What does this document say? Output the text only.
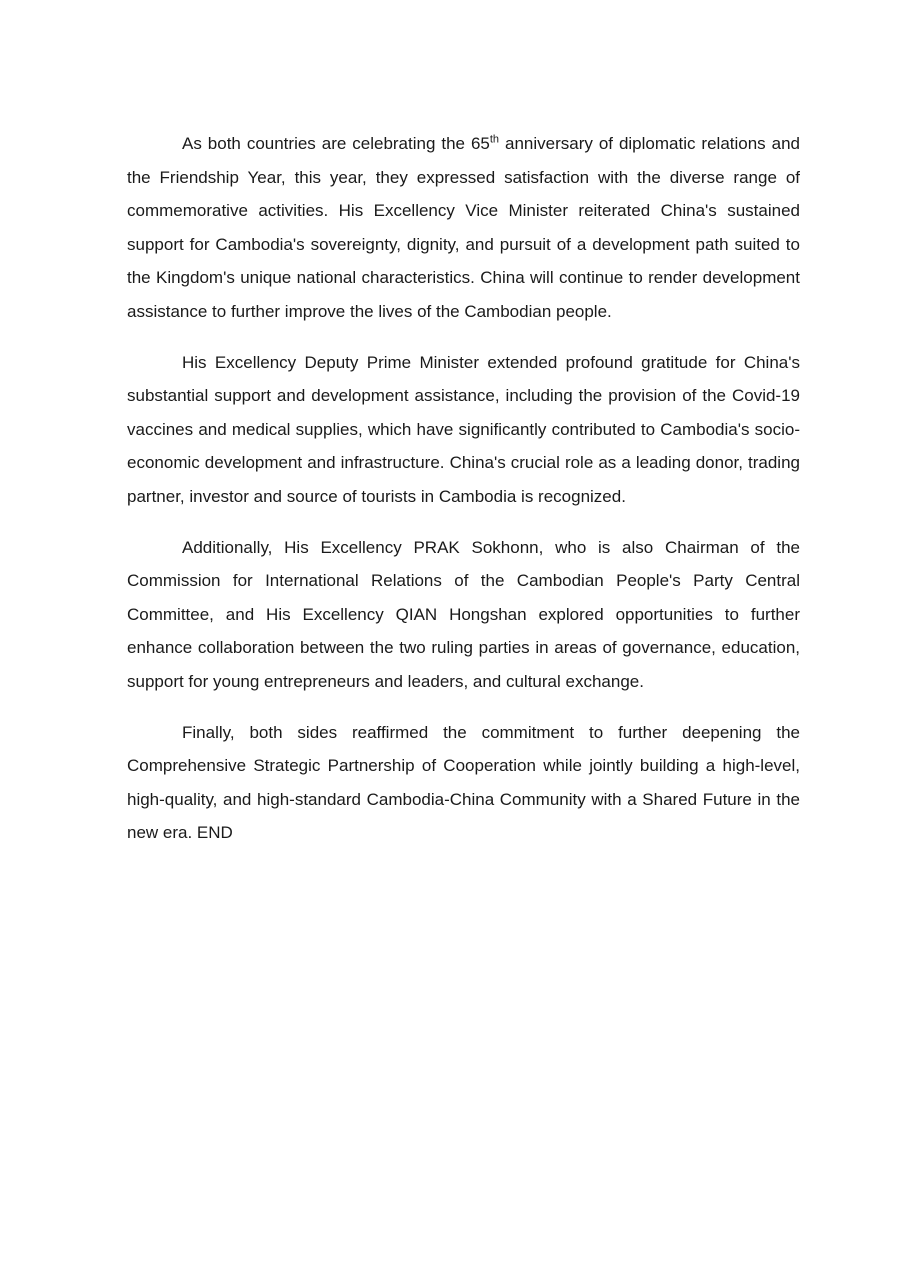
As both countries are celebrating the 65th anniversary of diplomatic relations and the Friendship Year, this year, they expressed satisfaction with the diverse range of commemorative activities. His Excellency Vice Minister reiterated China's sustained support for Cambodia's sovereignty, dignity, and pursuit of a development path suited to the Kingdom's unique national characteristics. China will continue to render development assistance to further improve the lives of the Cambodian people.

His Excellency Deputy Prime Minister extended profound gratitude for China's substantial support and development assistance, including the provision of the Covid-19 vaccines and medical supplies, which have significantly contributed to Cambodia's socio-economic development and infrastructure. China's crucial role as a leading donor, trading partner, investor and source of tourists in Cambodia is recognized.

Additionally, His Excellency PRAK Sokhonn, who is also Chairman of the Commission for International Relations of the Cambodian People's Party Central Committee, and His Excellency QIAN Hongshan explored opportunities to further enhance collaboration between the two ruling parties in areas of governance, education, support for young entrepreneurs and leaders, and cultural exchange.

Finally, both sides reaffirmed the commitment to further deepening the Comprehensive Strategic Partnership of Cooperation while jointly building a high-level, high-quality, and high-standard Cambodia-China Community with a Shared Future in the new era. END
